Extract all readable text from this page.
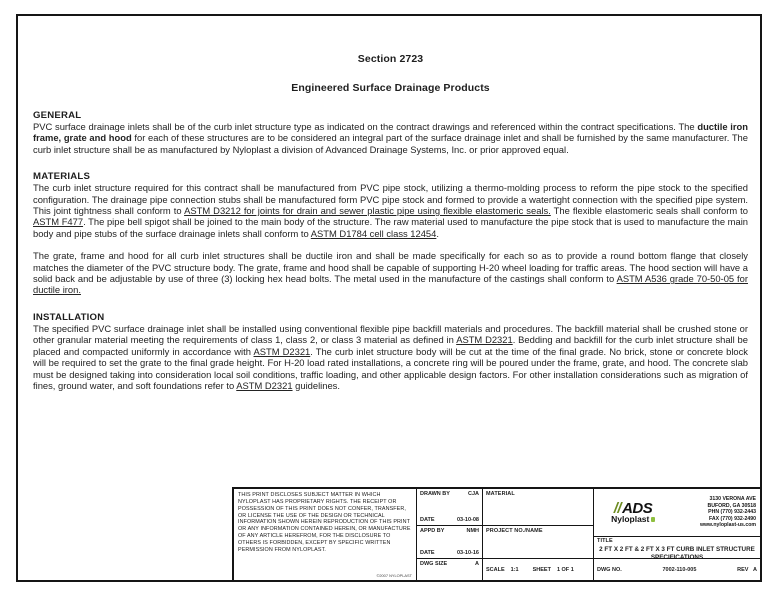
Section 2723
Engineered Surface Drainage Products
GENERAL

PVC surface drainage inlets shall be of the curb inlet structure type as indicated on the contract drawings and referenced within the contract specifications. The ductile iron frame, grate and hood for each of these structures are to be considered an integral part of the surface drainage inlet and shall be furnished by the same manufacturer. The curb inlet structure shall be as manufactured by Nyloplast a division of Advanced Drainage Systems, Inc. or prior approved equal.

MATERIALS

The curb inlet structure required for this contract shall be manufactured from PVC pipe stock, utilizing a thermo-molding process to reform the pipe stock to the specified configuration. The drainage pipe connection stubs shall be manufactured form PVC pipe stock and formed to provide a watertight connection with the specified pipe system. This joint tightness shall conform to ASTM D3212 for joints for drain and sewer plastic pipe using flexible elastomeric seals. The flexible elastomeric seals shall conform to ASTM F477. The pipe bell spigot shall be joined to the main body of the structure. The raw material used to manufacture the pipe stock that is used to manufacture the main body and pipe stubs of the surface drainage inlets shall conform to ASTM D1784 cell class 12454.

The grate, frame and hood for all curb inlet structures shall be ductile iron and shall be made specifically for each so as to provide a round bottom flange that closely matches the diameter of the PVC structure body. The grate, frame and hood shall be capable of supporting H-20 wheel loading for traffic areas. The hood section will have a solid back and be adjustable by use of three (3) locking hex head bolts. The metal used in the manufacture of the castings shall conform to ASTM A536 grade 70-50-05 for ductile iron.

INSTALLATION

The specified PVC surface drainage inlet shall be installed using conventional flexible pipe backfill materials and procedures. The backfill material shall be crushed stone or other granular material meeting the requirements of class 1, class 2, or class 3 material as defined in ASTM D2321. Bedding and backfill for the curb inlet structure shall be placed and compacted uniformly in accordance with ASTM D2321. The curb inlet structure body will be cut at the time of the final grade. No brick, stone or concrete block will be required to set the grate to the final grade height. For H-20 load rated installations, a concrete ring will be poured under the frame, grate, and hood. The concrete slab must be designed taking into consideration local soil conditions, traffic loading, and other applicable design factors. For other installation considerations such as migration of fines, ground water, and soft foundations refer to ASTM D2321 guidelines.

THIS PRINT DISCLOSES SUBJECT MATTER IN WHICH NYLOPLAST HAS PROPRIETARY RIGHTS. THE RECEIPT OR POSSESSION OF THIS PRINT DOES NOT CONFER, TRANSFER, OR LICENSE THE USE OF THE DESIGN OR TECHNICAL INFORMATION SHOWN HEREIN REPRODUCTION OF THIS PRINT OR ANY INFORMATION CONTAINED HEREIN, OR MANUFACTURE OF ANY ARTICLE HEREFROM, FOR THE DISCLOSURE TO OTHERS IS FORBIDDEN, EXCEPT BY SPECIFIC WRITTEN PERMISSION FROM NYLOPLAST.
©2007 NYLOPLAST
DRAWN BY	CJA
DATE	03-10-08
APPD BY	NMH
DATE	03-10-16
DWG SIZE	A
MATERIAL
PROJECT NO./NAME
SCALE 1:1	SHEET 1 OF 1
//ADS
Nyloplast
3130 VERONA AVE
BUFORD, GA 30518
PHN (770) 932-2443
FAX (770) 932-2490
www.nyloplast-us.com
TITLE
2 FT X 2 FT & 2 FT X 3 FT CURB INLET STRUCTURE
SPECIFICATIONS
DWG NO.	7002-110-005	REV A
